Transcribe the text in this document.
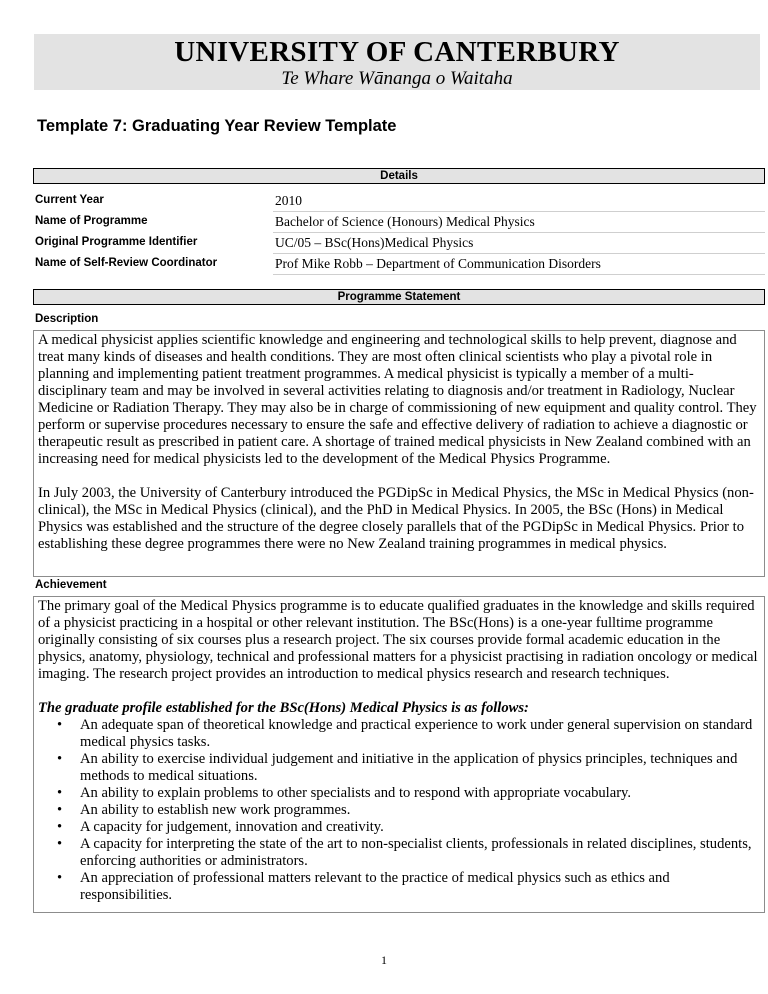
UNIVERSITY OF CANTERBURY
Te Whare Wānanga o Waitaha
Template 7: Graduating Year Review Template
Details
Current Year	2010
Name of Programme	Bachelor of Science (Honours) Medical Physics
Original Programme Identifier	UC/05 – BSc(Hons)Medical Physics
Name of Self-Review Coordinator	Prof Mike Robb – Department of Communication Disorders
Programme Statement
Description

A medical physicist applies scientific knowledge and engineering and technological skills to help prevent, diagnose and treat many kinds of diseases and health conditions. They are most often clinical scientists who play a pivotal role in planning and implementing patient treatment programmes. A medical physicist is typically a member of a multi-disciplinary team and may be involved in several activities relating to diagnosis and/or treatment in Radiology, Nuclear Medicine or Radiation Therapy. They may also be in charge of commissioning of new equipment and quality control. They perform or supervise procedures necessary to ensure the safe and effective delivery of radiation to achieve a diagnostic or therapeutic result as prescribed in patient care. A shortage of trained medical physicists in New Zealand combined with an increasing need for medical physicists led to the development of the Medical Physics Programme.

In July 2003, the University of Canterbury introduced the PGDipSc in Medical Physics, the MSc in Medical Physics (non-clinical), the MSc in Medical Physics (clinical), and the PhD in Medical Physics. In 2005, the BSc (Hons) in Medical Physics was established and the structure of the degree closely parallels that of the PGDipSc in Medical Physics. Prior to establishing these degree programmes there were no New Zealand training programmes in medical physics.

Achievement

The primary goal of the Medical Physics programme is to educate qualified graduates in the knowledge and skills required of a physicist practicing in a hospital or other relevant institution. The BSc(Hons) is a one-year fulltime programme originally consisting of six courses plus a research project. The six courses provide formal academic education in the physics, anatomy, physiology, technical and professional matters for a physicist practising in radiation oncology or medical imaging. The research project provides an introduction to medical physics research and research techniques.

The graduate profile established for the BSc(Hons) Medical Physics is as follows:
• An adequate span of theoretical knowledge and practical experience to work under general supervision on standard medical physics tasks.
• An ability to exercise individual judgement and initiative in the application of physics principles, techniques and methods to medical situations.
• An ability to explain problems to other specialists and to respond with appropriate vocabulary.
• An ability to establish new work programmes.
• A capacity for judgement, innovation and creativity.
• A capacity for interpreting the state of the art to non-specialist clients, professionals in related disciplines, students, enforcing authorities or administrators.
• An appreciation of professional matters relevant to the practice of medical physics such as ethics and responsibilities.
1
